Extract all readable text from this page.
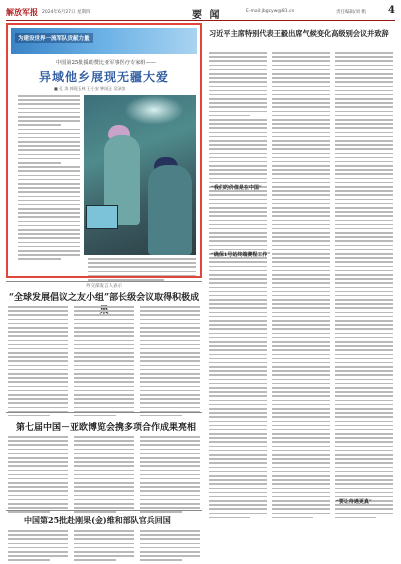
解放军报 2024年6月27日 星期四	要 闻	E-mail:jbgcyw@81.cn	责任编辑/刘 帆 4
为建设世界一流军队贡献力量
中国第25批援助赞比亚军事医疗专家组——
异域他乡展现无疆大爱
■ 孔 涛 郭现玉林 王小安 钟国正 吴泽滨
习近平主席特别代表王毅出席气候变化高级别会议并致辞
“我们的价值是在中国”
“确保1号站终端赛程工作”
“要让待遇更真”
外交部发言人表示
“全球发展倡议之友小组”部长级会议取得积极成
第七届中国－亚欧博览会携多项合作成果亮相
中国第25批赴刚果(金)维和部队官兵回国
